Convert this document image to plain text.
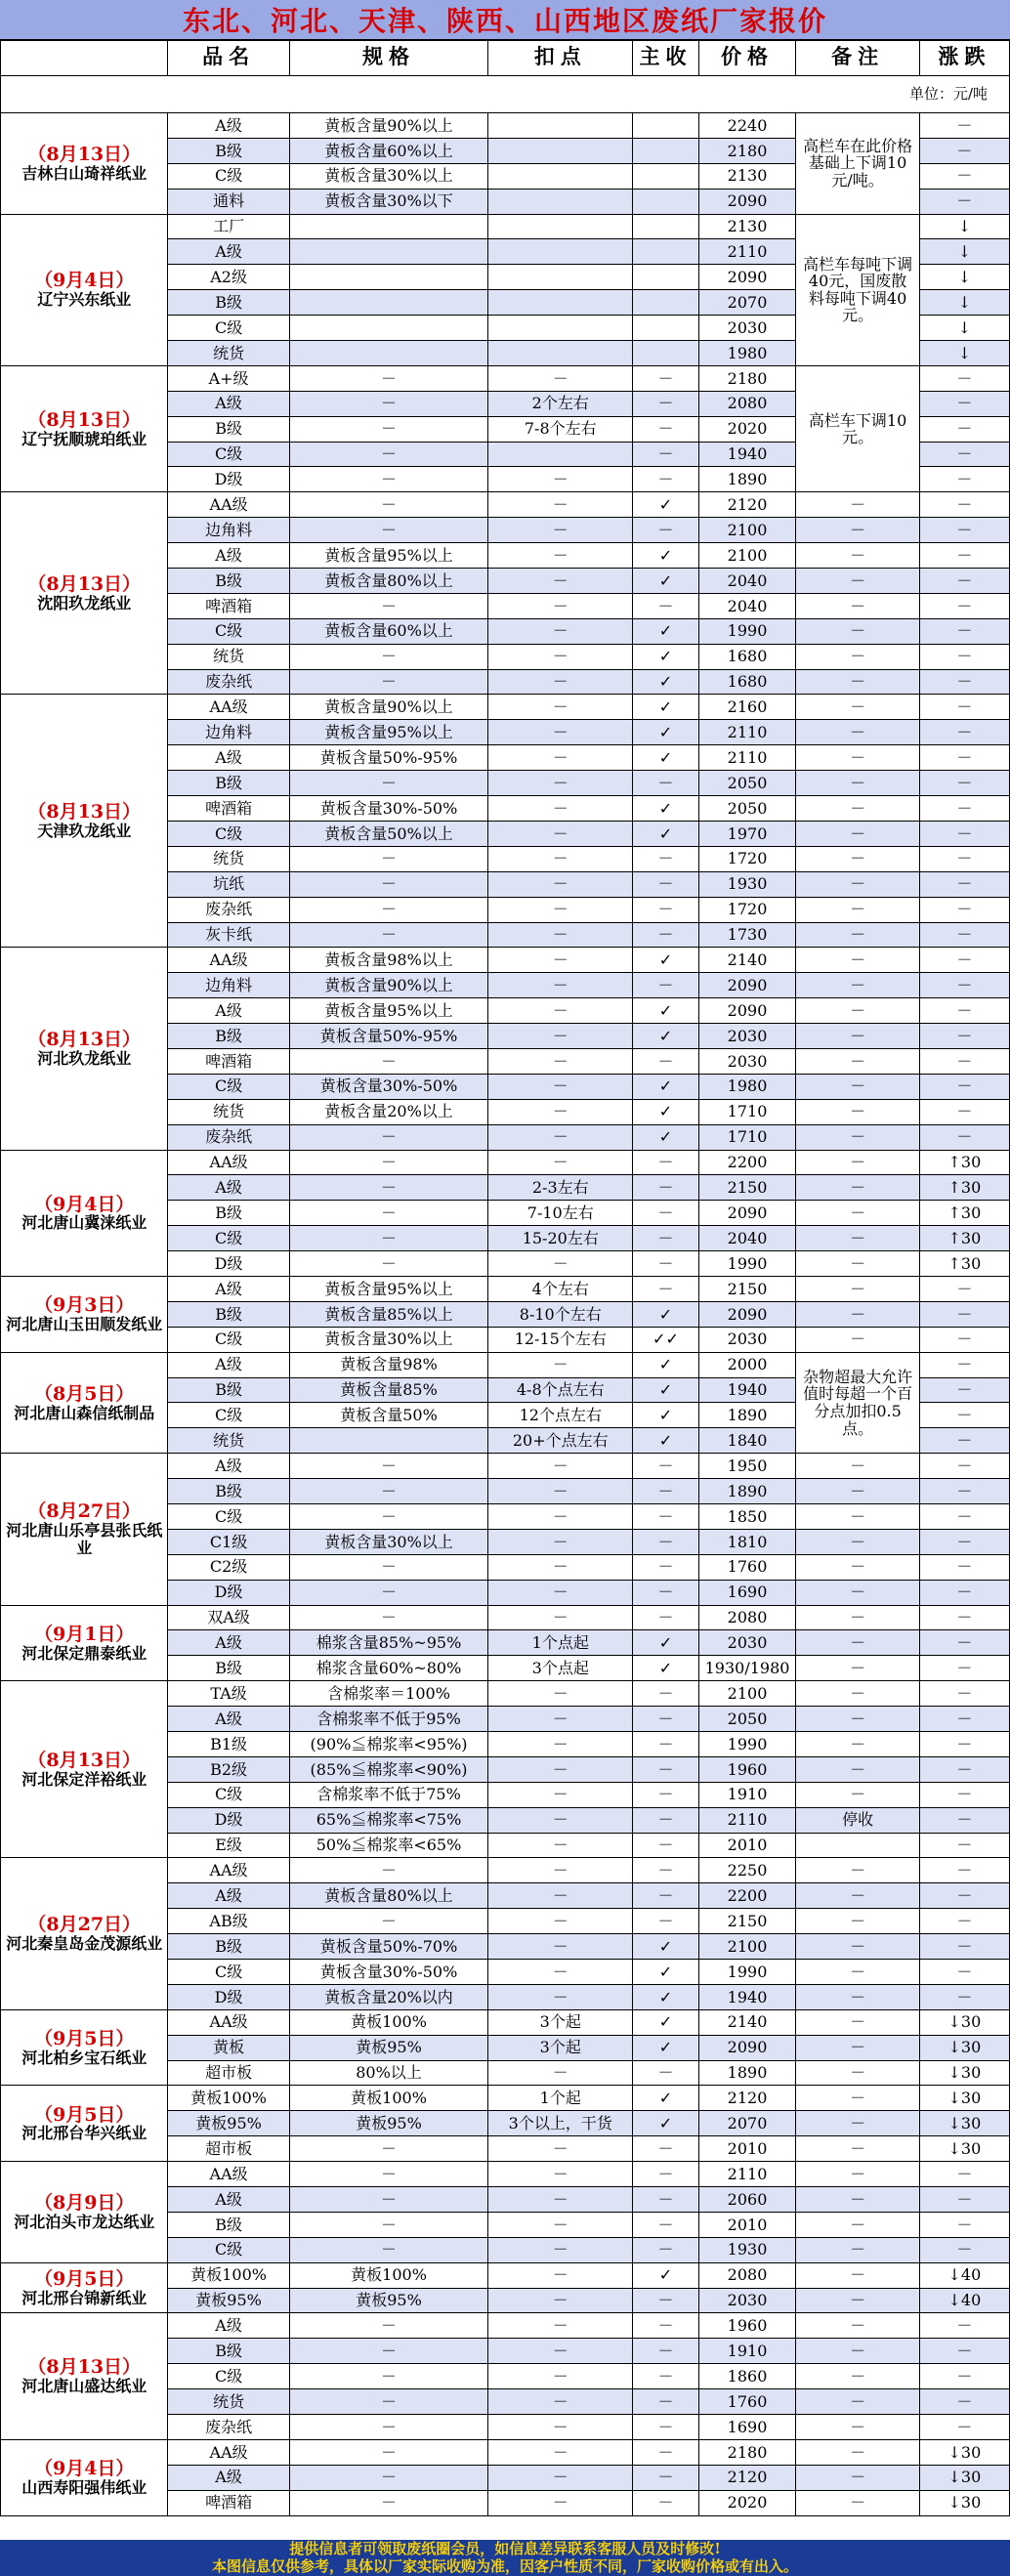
东北、河北、天津、陕西、山西地区废纸厂家报价
	品名	规格	扣点	主收	价格	备注	涨跌

单位：元/吨							

（8月13日）
吉林白山琦祥纸业	A级	黄板含量90%以上			2240	高栏车在此价格基础上下调10元/吨。	－
	B级	黄板含量60%以上			2180		－
	C级	黄板含量30%以上			2130		－
	通料	黄板含量30%以下			2090		－

（9月4日）
辽宁兴东纸业	工厂				2130	高栏车每吨下调40元，国废散料每吨下调40元。	↓
	A级				2110		↓
	A2级				2090		↓
	B级				2070		↓
	C级				2030		↓
	统货				1980		↓

（8月13日）
辽宁抚顺琥珀纸业	A+级	－	－	－	2180	高栏车下调10元。	－
	A级	－	2个左右	－	2080		－
	B级	－	7-8个左右	－	2020		－
	C级	－		－	1940		－
	D级	－	－	－	1890		－

（8月13日）
沈阳玖龙纸业	AA级	－	－	✓	2120	－	－
	边角料	－	－	－	2100	－	－
	A级	黄板含量95%以上	－	✓	2100	－	－
	B级	黄板含量80%以上	－	✓	2040	－	－
	啤酒箱	－	－	－	2040	－	－
	C级	黄板含量60%以上	－	✓	1990	－	－
	统货	－	－	✓	1680	－	－
	废杂纸	－	－	✓	1680	－	－

（8月13日）
天津玖龙纸业	AA级	黄板含量90%以上	－	✓	2160	－	－
	边角料	黄板含量95%以上	－	✓	2110	－	－
	A级	黄板含量50%-95%	－	✓	2110	－	－
	B级	－	－	－	2050	－	－
	啤酒箱	黄板含量30%-50%	－	✓	2050	－	－
	C级	黄板含量50%以上	－	✓	1970	－	－
	统货	－	－	－	1720	－	－
	坑纸	－	－	－	1930	－	－
	废杂纸	－	－	－	1720	－	－
	灰卡纸	－	－	－	1730	－	－

（8月13日）
河北玖龙纸业	AA级	黄板含量98%以上	－	✓	2140	－	－
	边角料	黄板含量90%以上	－	－	2090	－	－
	A级	黄板含量95%以上	－	✓	2090	－	－
	B级	黄板含量50%-95%	－	✓	2030	－	－
	啤酒箱	－	－	－	2030	－	－
	C级	黄板含量30%-50%	－	✓	1980	－	－
	统货	黄板含量20%以上	－	✓	1710	－	－
	废杂纸	－	－	✓	1710	－	－

（9月4日）
河北唐山冀涞纸业	AA级	－	－	－	2200	－	↑30
	A级	－	2-3左右	－	2150	－	↑30
	B级	－	7-10左右	－	2090	－	↑30
	C级	－	15-20左右	－	2040	－	↑30
	D级	－	－	－	1990	－	↑30

（9月3日）
河北唐山玉田顺发纸业	A级	黄板含量95%以上	4个左右	－	2150	－	－
	B级	黄板含量85%以上	8-10个左右	✓	2090	－	－
	C级	黄板含量30%以上	12-15个左右	✓✓	2030	－	－

（8月5日）
河北唐山森信纸制品	A级	黄板含量98%	－	✓	2000	杂物超最大允许值时每超一个百分点加扣0.5点。	－
	B级	黄板含量85%	4-8个点左右	✓	1940		－
	C级	黄板含量50%	12个点左右	✓	1890		－
	统货		20+个点左右	✓	1840		－

（8月27日）
河北唐山乐亭县张氏纸业	A级	－	－	－	1950	－	－
	B级	－	－	－	1890	－	－
	C级	－	－	－	1850	－	－
	C1级	黄板含量30%以上	－	－	1810	－	－
	C2级	－	－	－	1760	－	－
	D级	－	－	－	1690	－	－

（9月1日）
河北保定鼎泰纸业	双A级	－	－	－	2080	－	－
	A级	棉浆含量85%~95%	1个点起	✓	2030	－	－
	B级	棉浆含量60%~80%	3个点起	✓	1930/1980	－	－

（8月13日）
河北保定洋裕纸业	TA级	含棉浆率＝100%	－	－	2100	－	－
	A级	含棉浆率不低于95%	－	－	2050	－	－
	B1级	(90%≦棉浆率<95%)	－	－	1990	－	－
	B2级	(85%≦棉浆率<90%)	－	－	1960	－	－
	C级	含棉浆率不低于75%	－	－	1910	－	－
	D级	65%≦棉浆率<75%	－	－	2110	停收	－
	E级	50%≦棉浆率<65%	－	－	2010		－

（8月27日）
河北秦皇岛金茂源纸业	AA级	－	－	－	2250	－	－
	A级	黄板含量80%以上	－	－	2200	－	－
	AB级	－	－	－	2150	－	－
	B级	黄板含量50%-70%	－	✓	2100	－	－
	C级	黄板含量30%-50%	－	✓	1990	－	－
	D级	黄板含量20%以内	－	✓	1940	－	－

（9月5日）
河北柏乡宝石纸业	AA级	黄板100%	3个起	✓	2140	－	↓30
	黄板	黄板95%	3个起	✓	2090	－	↓30
	超市板	80%以上	－	－	1890	－	↓30

（9月5日）
河北邢台华兴纸业	黄板100%	黄板100%	1个起	✓	2120	－	↓30
	黄板95%	黄板95%	3个以上，干货	✓	2070	－	↓30
	超市板	－	－	－	2010	－	↓30

（8月9日）
河北泊头市龙达纸业	AA级	－	－	－	2110	－	－
	A级	－	－	－	2060	－	－
	B级	－	－	－	2010	－	－
	C级	－	－	－	1930	－	－

（9月5日）
河北邢台锦新纸业	黄板100%	黄板100%	－	✓	2080	－	↓40
	黄板95%	黄板95%	－	－	2030	－	↓40

（8月13日）
河北唐山盛达纸业	A级	－	－	－	1960	－	－
	B级	－	－	－	1910	－	－
	C级	－	－	－	1860	－	－
	统货	－	－	－	1760	－	－
	废杂纸	－	－	－	1690	－	－

（9月4日）
山西寿阳强伟纸业	AA级	－	－	－	2180	－	↓30
	A级	－	－	－	2120	－	↓30
	啤酒箱	－	－	－	2020	－	↓30
提供信息者可领取废纸圈会员，如信息差异联系客服人员及时修改!
本图信息仅供参考，具体以厂家实际收购为准，因客户性质不同，厂家收购价格或有出入。
